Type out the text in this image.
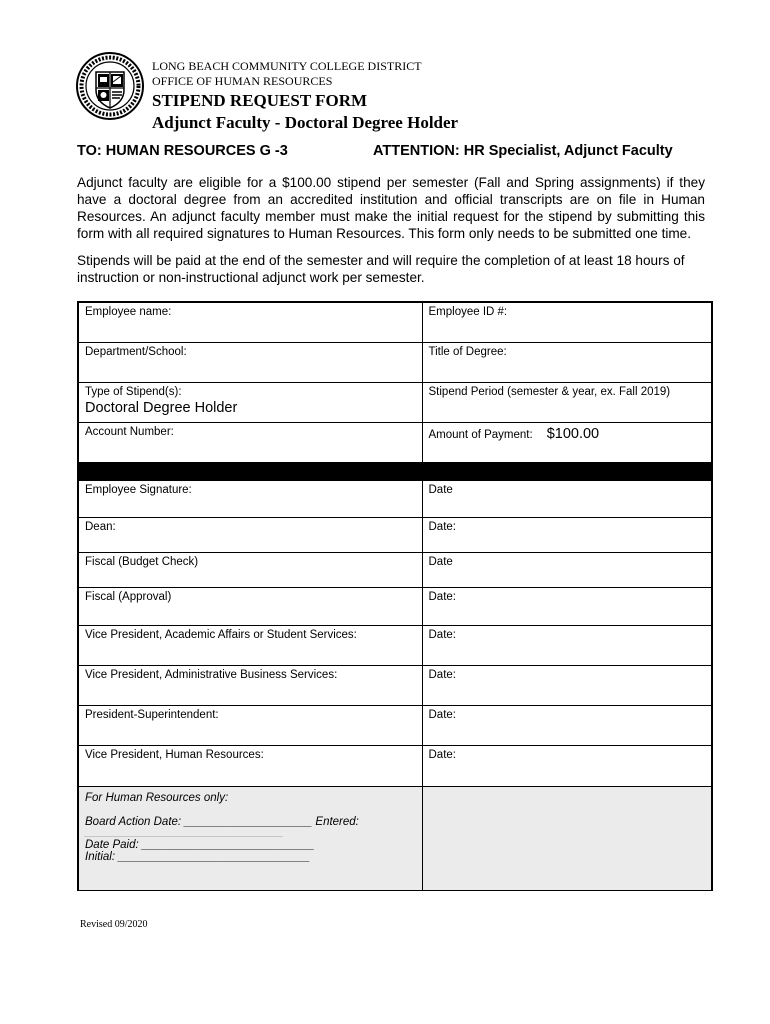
LONG BEACH COMMUNITY COLLEGE DISTRICT
OFFICE OF HUMAN RESOURCES
STIPEND REQUEST FORM
Adjunct Faculty - Doctoral Degree Holder
TO: HUMAN RESOURCES G -3	ATTENTION: HR Specialist, Adjunct Faculty

Adjunct faculty are eligible for a $100.00 stipend per semester (Fall and Spring assignments) if they have a doctoral degree from an accredited institution and official transcripts are on file in Human Resources. An adjunct faculty member must make the initial request for the stipend by submitting this form with all required signatures to Human Resources. This form only needs to be submitted one time.

Stipends will be paid at the end of the semester and will require the completion of at least 18 hours of instruction or non-instructional adjunct work per semester.

Employee name:	Employee ID #:
Department/School:	Title of Degree:
Type of Stipend(s):
Doctoral Degree Holder	Stipend Period (semester & year, ex. Fall 2019)
Account Number:	Amount of Payment: $100.00

Employee Signature:	Date
Dean:	Date:
Fiscal (Budget Check)	Date
Fiscal (Approval)	Date:
Vice President, Academic Affairs or Student Services:	Date:
Vice President, Administrative Business Services:	Date:
President-Superintendent:	Date:
Vice President, Human Resources:	Date:

For Human Resources only:
Board Action Date: ____________________ Entered:
_______________________________
Date Paid: ___________________________
Initial: ______________________________	

Revised 09/2020
